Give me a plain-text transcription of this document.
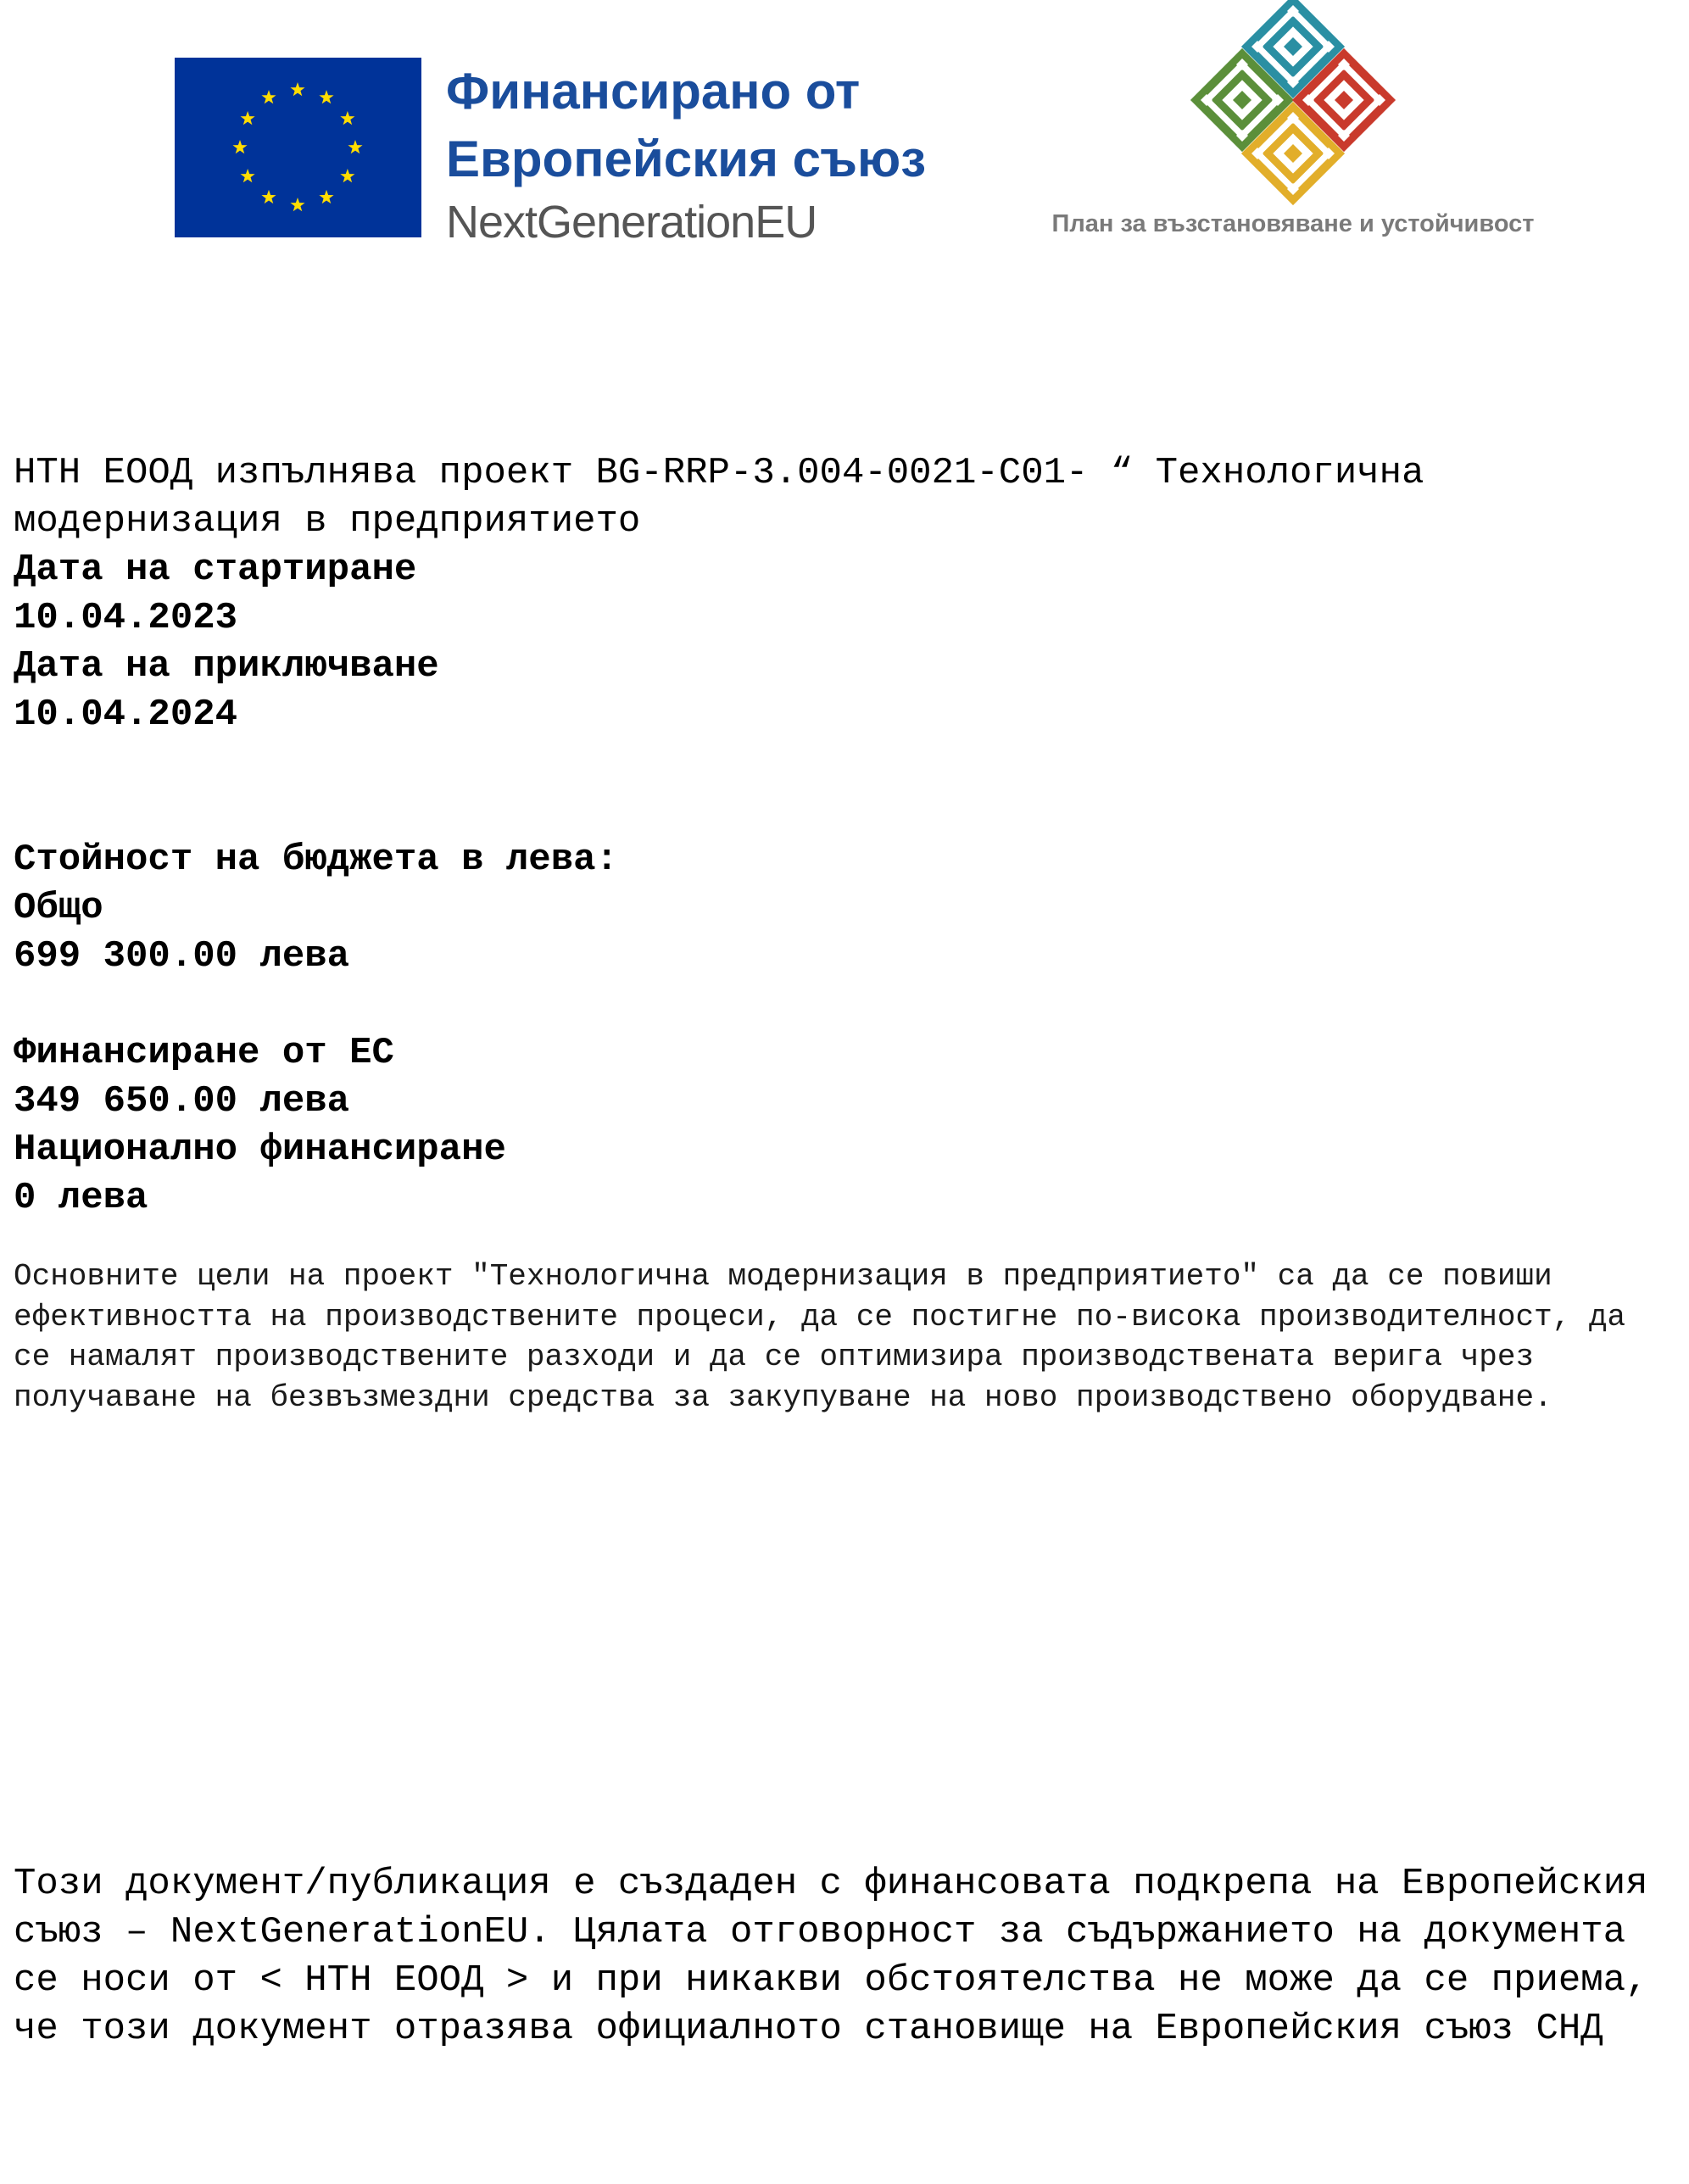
Финансирано от
Европейския съюз
NextGenerationEU	План за възстановяване и устойчивост
НТН ЕООД изпълнява проект BG-RRP-3.004-0021-C01- “ Технологична модернизация в предприятието
Дата на стартиране
10.04.2023
Дата на приключване
10.04.2024
Стойност на бюджета в лева:
Общо
699 300.00 лева
Финансиране от ЕС
349 650.00 лева
Национално финансиране
0 лева
Основните цели на проект "Технологична модернизация в предприятието" са да се повиши ефективността на производствените процеси, да се постигне по-висока производителност, да се намалят производствените разходи и да се оптимизира производствената верига чрез получаване на безвъзмездни средства за закупуване на ново производствено оборудване.
Този документ/публикация е създаден с финансовата подкрепа на Европейския съюз – NextGenerationEU. Цялата отговорност за съдържанието на документа се носи от < НТН ЕООД > и при никакви обстоятелства не може да се приема, че този документ отразява официалното становище на Европейския съюз СНД
